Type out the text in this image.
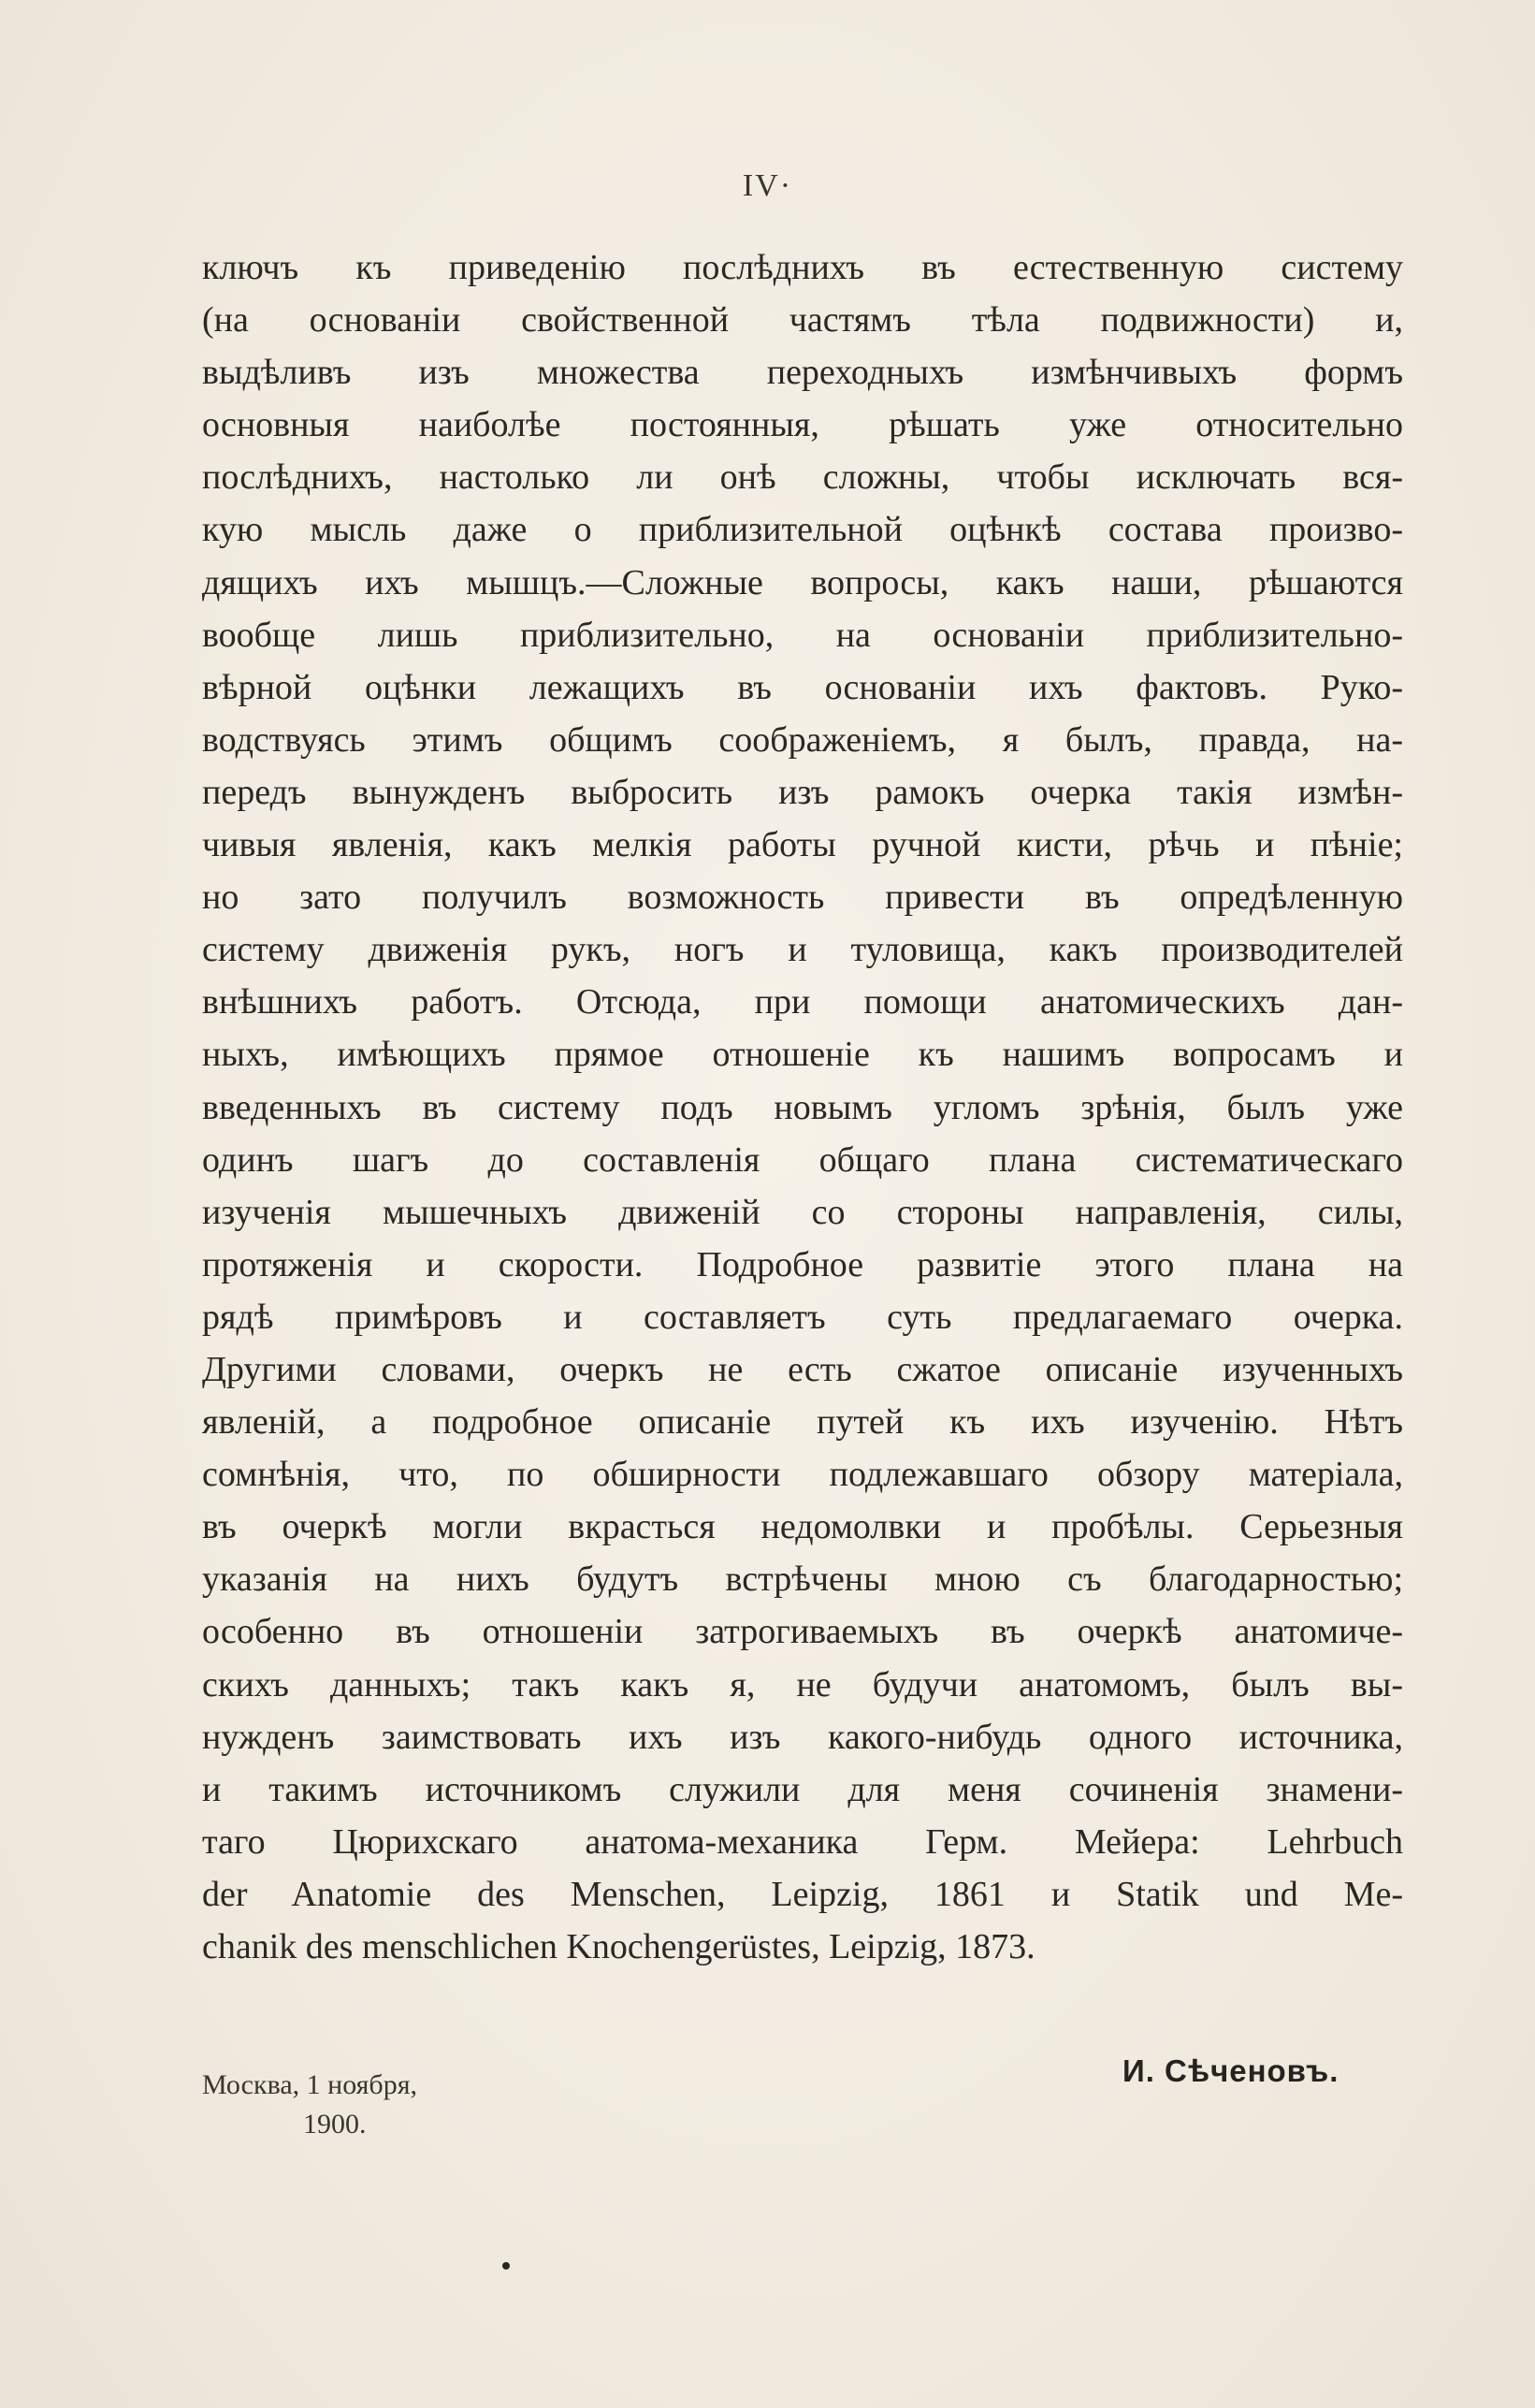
IV·
ключъ къ приведенію послѣднихъ въ естественную систему
(на основаніи свойственной частямъ тѣла подвижности) и,
выдѣливъ изъ множества переходныхъ измѣнчивыхъ формъ
основныя наиболѣе постоянныя, рѣшать уже относительно
послѣднихъ, настолько ли онѣ сложны, чтобы исключать вся-
кую мысль даже о приблизительной оцѣнкѣ состава произво-
дящихъ ихъ мышцъ.—Сложные вопросы, какъ наши, рѣшаются
вообще лишь приблизительно, на основаніи приблизительно-
вѣрной оцѣнки лежащихъ въ основаніи ихъ фактовъ. Руко-
водствуясь этимъ общимъ соображеніемъ, я былъ, правда, на-
передъ вынужденъ выбросить изъ рамокъ очерка такія измѣн-
чивыя явленія, какъ мелкія работы ручной кисти, рѣчь и пѣніе;
но зато получилъ возможность привести въ опредѣленную
систему движенія рукъ, ногъ и туловища, какъ производителей
внѣшнихъ работъ. Отсюда, при помощи анатомическихъ дан-
ныхъ, имѣющихъ прямое отношеніе къ нашимъ вопросамъ и
введенныхъ въ систему подъ новымъ угломъ зрѣнія, былъ уже
одинъ шагъ до составленія общаго плана систематическаго
изученія мышечныхъ движеній со стороны направленія, силы,
протяженія и скорости. Подробное развитіе этого плана на
рядѣ примѣровъ и составляетъ суть предлагаемаго очерка.
Другими словами, очеркъ не есть сжатое описаніе изученныхъ
явленій, а подробное описаніе путей къ ихъ изученію. Нѣтъ
сомнѣнія, что, по обширности подлежавшаго обзору матеріала,
въ очеркѣ могли вкрасться недомолвки и пробѣлы. Серьезныя
указанія на нихъ будутъ встрѣчены мною съ благодарностью;
особенно въ отношеніи затрогиваемыхъ въ очеркѣ анатомиче-
скихъ данныхъ; такъ какъ я, не будучи анатомомъ, былъ вы-
нужденъ заимствовать ихъ изъ какого-нибудь одного источника,
и такимъ источникомъ служили для меня сочиненія знамени-
таго Цюрихскаго анатома-механика Герм. Мейера: Lehrbuch
der Anatomie des Menschen, Leipzig, 1861 и Statik und Me-
chanik des menschlichen Knochengerüstes, Leipzig, 1873.
Москва, 1 ноября,
1900.
И. Сѣченовъ.
